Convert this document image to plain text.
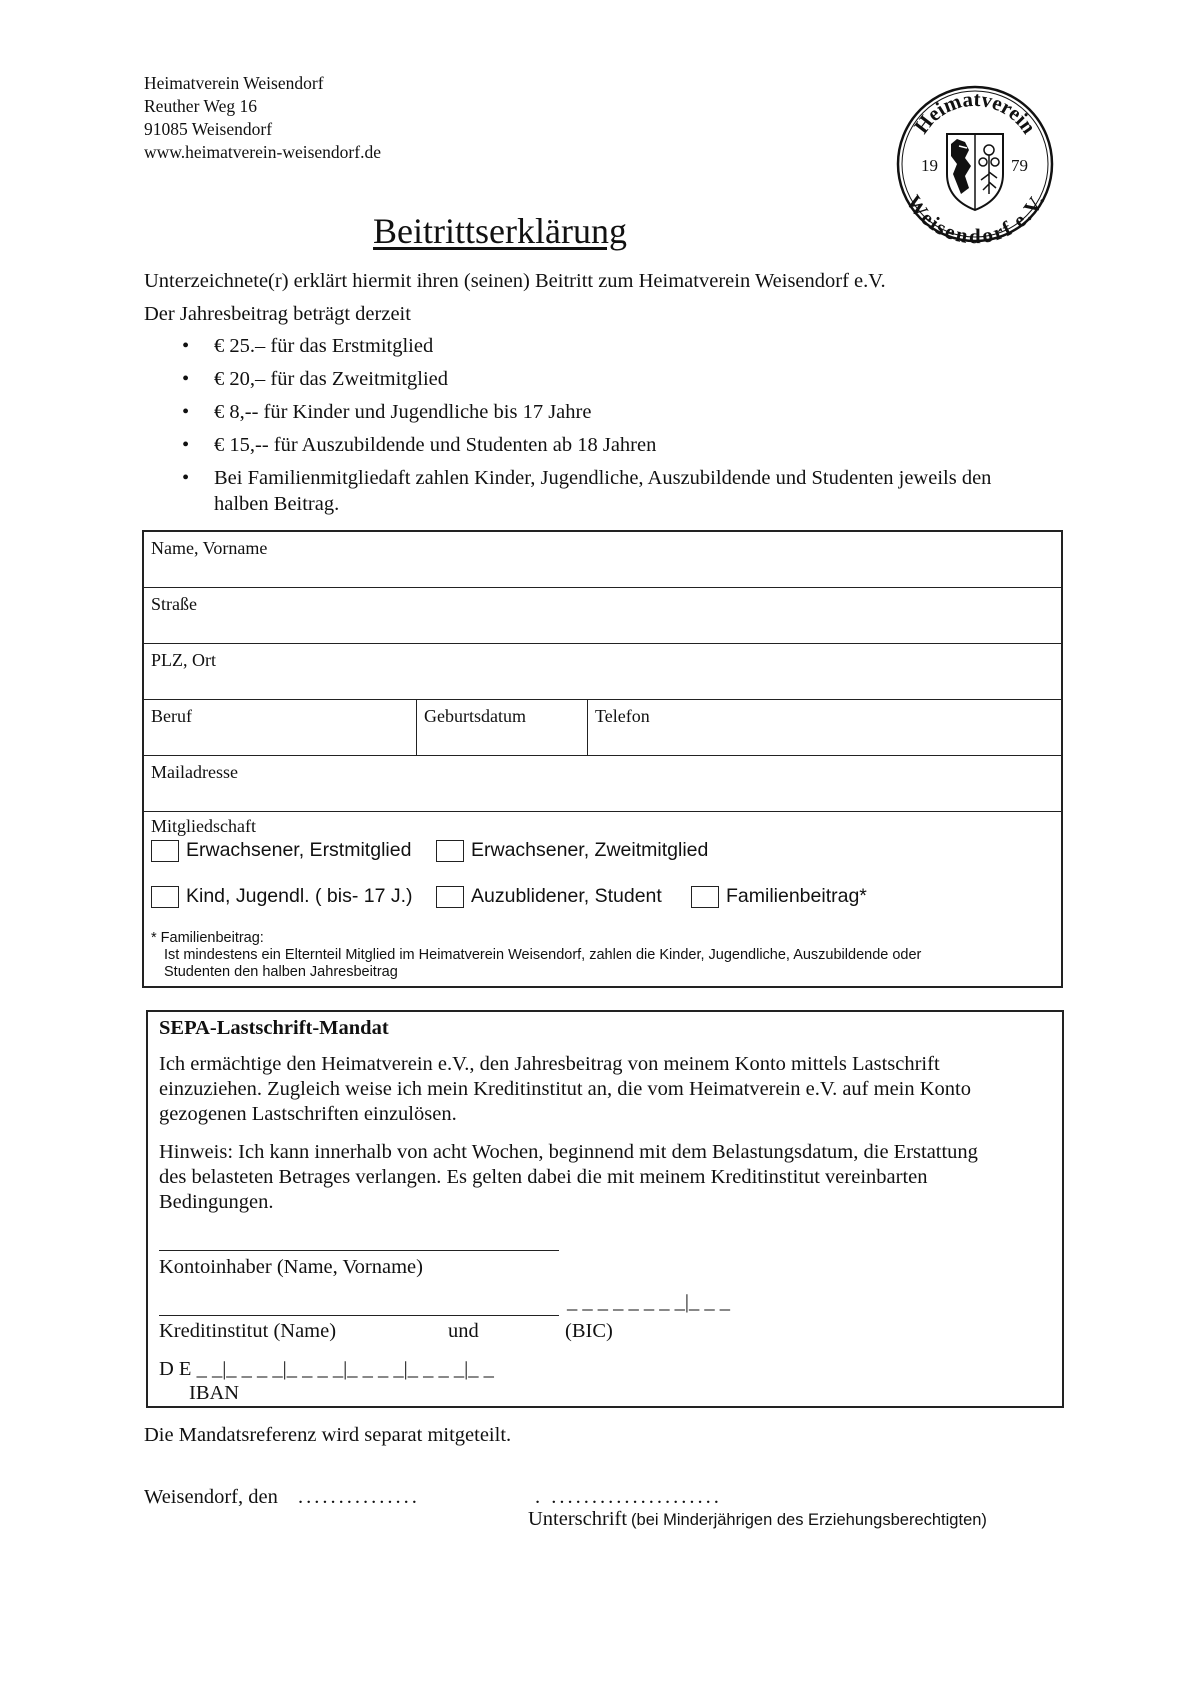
Heimatverein Weisendorf
Reuther Weg 16
91085 Weisendorf
www.heimatverein-weisendorf.de
Heimatverein
Weisendorf e.V.
19	79
Beitrittserklärung
Unterzeichnete(r) erklärt hiermit ihren (seinen) Beitritt zum Heimatverein Weisendorf e.V.
Der Jahresbeitrag beträgt derzeit
• € 25.– für das Erstmitglied
• € 20,– für das Zweitmitglied
• € 8,-- für Kinder und Jugendliche bis 17 Jahre
• € 15,-- für Auszubildende und Studenten ab 18 Jahren
• Bei Familienmitgliedaft zahlen Kinder, Jugendliche, Auszubildende und Studenten jeweils den halben Beitrag.
Name, Vorname
Straße
PLZ, Ort
Beruf	Geburtsdatum	Telefon
Mailadresse
Mitgliedschaft
Erwachsener, Erstmitglied	Erwachsener, Zweitmitglied
Kind, Jugendl. ( bis- 17 J.)	Auzublidener, Student	Familienbeitrag*
* Familienbeitrag:
Ist mindestens ein Elternteil Mitglied im Heimatverein Weisendorf, zahlen die Kinder, Jugendliche, Auszubildende oder
Studenten den halben Jahresbeitrag
SEPA-Lastschrift-Mandat
Ich ermächtige den Heimatverein e.V., den Jahresbeitrag von meinem Konto mittels Lastschrift
einzuziehen. Zugleich weise ich mein Kreditinstitut an, die vom Heimatverein e.V. auf mein Konto
gezogenen Lastschriften einzulösen.
Hinweis: Ich kann innerhalb von acht Wochen, beginnend mit dem Belastungsdatum, die Erstattung
des belasteten Betrages verlangen. Es gelten dabei die mit meinem Kreditinstitut vereinbarten
Bedingungen.
Kontoinhaber (Name, Vorname)
_ _ _ _ _ _ _ _|_ _ _
Kreditinstitut (Name)	und	(BIC)
D E _ _|_ _ _ _|_ _ _ _|_ _ _ _|_ _ _ _|_ _
IBAN
Die Mandatsreferenz wird separat mitgeteilt.
Weisendorf, den ...............	. .....................
Unterschrift (bei Minderjährigen des Erziehungsberechtigten)
